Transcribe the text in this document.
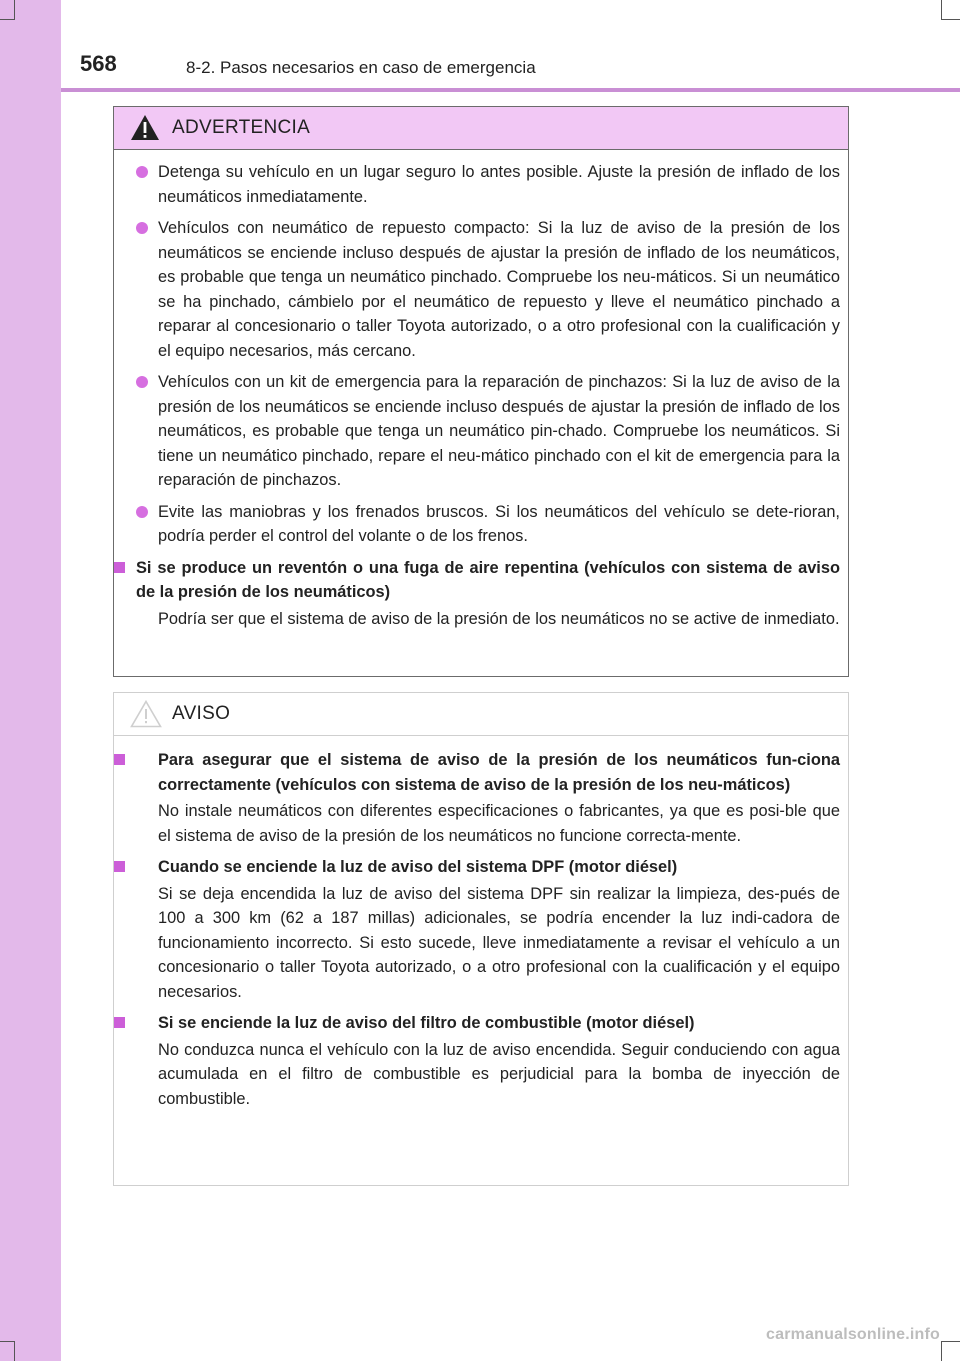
568	8-2. Pasos necesarios en caso de emergencia
ADVERTENCIA
Detenga su vehículo en un lugar seguro lo antes posible. Ajuste la presión de inflado de los neumáticos inmediatamente.
Vehículos con neumático de repuesto compacto: Si la luz de aviso de la presión de los neumáticos se enciende incluso después de ajustar la presión de inflado de los neumáticos, es probable que tenga un neumático pinchado. Compruebe los neu-máticos. Si un neumático se ha pinchado, cámbielo por el neumático de repuesto y lleve el neumático pinchado a reparar al concesionario o taller Toyota autorizado, o a otro profesional con la cualificación y el equipo necesarios, más cercano.
Vehículos con un kit de emergencia para la reparación de pinchazos: Si la luz de aviso de la presión de los neumáticos se enciende incluso después de ajustar la presión de inflado de los neumáticos, es probable que tenga un neumático pin-chado. Compruebe los neumáticos. Si tiene un neumático pinchado, repare el neu-mático pinchado con el kit de emergencia para la reparación de pinchazos.
Evite las maniobras y los frenados bruscos. Si los neumáticos del vehículo se dete-rioran, podría perder el control del volante o de los frenos.
Si se produce un reventón o una fuga de aire repentina (vehículos con sistema de aviso de la presión de los neumáticos)
Podría ser que el sistema de aviso de la presión de los neumáticos no se active de inmediato.
AVISO
Para asegurar que el sistema de aviso de la presión de los neumáticos fun-ciona correctamente (vehículos con sistema de aviso de la presión de los neu-máticos)
No instale neumáticos con diferentes especificaciones o fabricantes, ya que es posi-ble que el sistema de aviso de la presión de los neumáticos no funcione correcta-mente.
Cuando se enciende la luz de aviso del sistema DPF (motor diésel)
Si se deja encendida la luz de aviso del sistema DPF sin realizar la limpieza, des-pués de 100 a 300 km (62 a 187 millas) adicionales, se podría encender la luz indi-cadora de funcionamiento incorrecto. Si esto sucede, lleve inmediatamente a revisar el vehículo a un concesionario o taller Toyota autorizado, o a otro profesional con la cualificación y el equipo necesarios.
Si se enciende la luz de aviso del filtro de combustible (motor diésel)
No conduzca nunca el vehículo con la luz de aviso encendida. Seguir conduciendo con agua acumulada en el filtro de combustible es perjudicial para la bomba de inyección de combustible.
carmanualsonline.info
